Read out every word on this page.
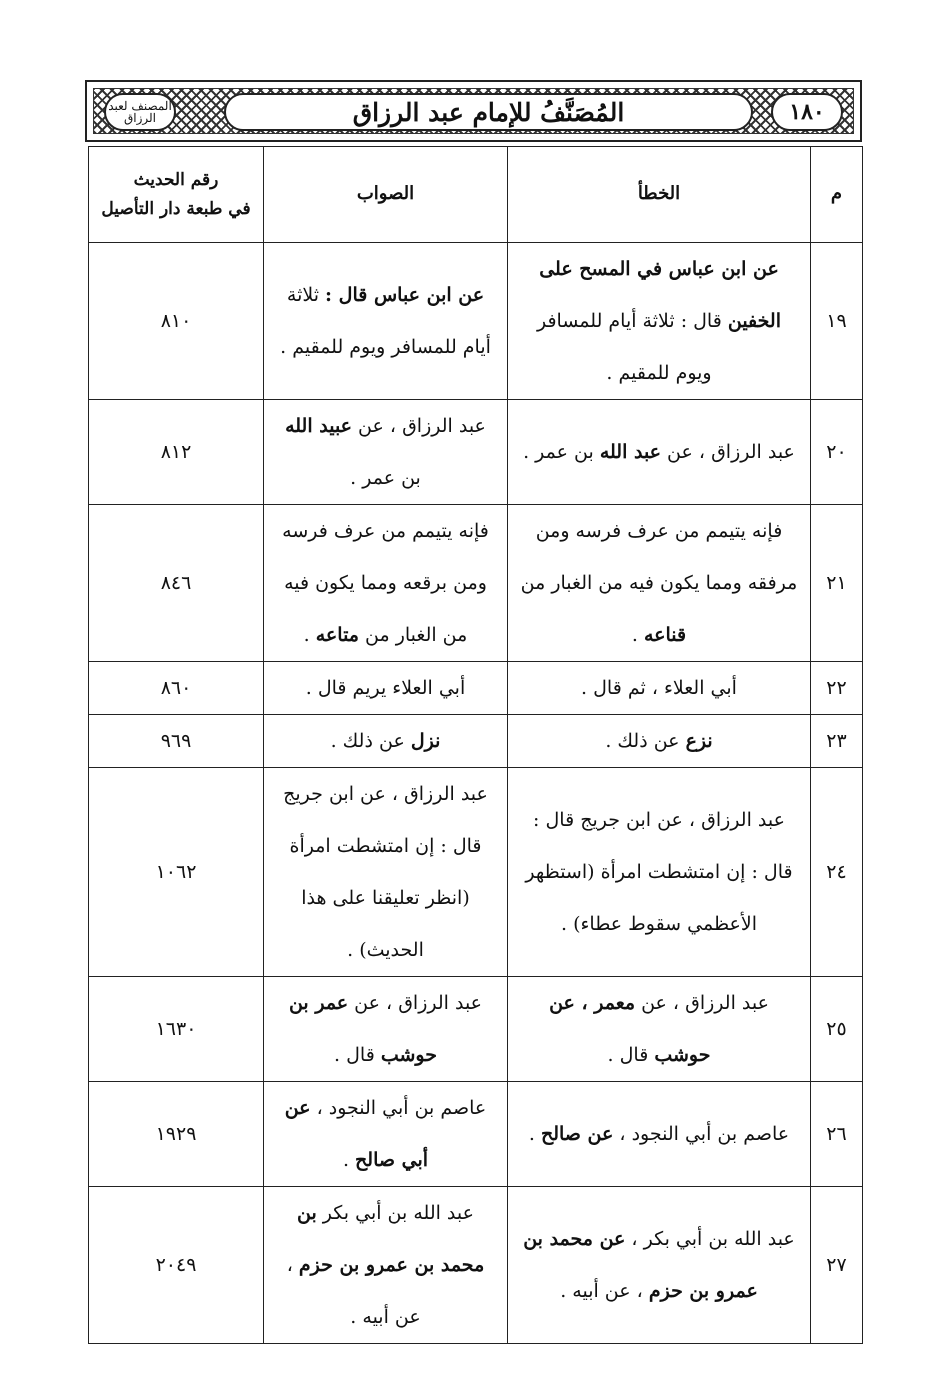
المصنف لعبد الرزاق	المُصَنَّفُ للإمام عبد الرزاق	١٨٠
م	الخطأ	الصواب	رقم الحديث
في طبعة دار التأصيل

١٩	عن ابن عباس في المسح على الخفين قال : ثلاثة أيام للمسافر ويوم للمقيم .	عن ابن عباس قال : ثلاثة أيام للمسافر ويوم للمقيم .	٨١٠
٢٠	عبد الرزاق ، عن عبد الله بن عمر .	عبد الرزاق ، عن عبيد الله بن عمر .	٨١٢
٢١	فإنه يتيمم من عرف فرسه ومن مرفقه ومما يكون فيه من الغبار من قناعه .	فإنه يتيمم من عرف فرسه ومن برقعه ومما يكون فيه من الغبار من متاعه .	٨٤٦
٢٢	أبي العلاء ، ثم قال .	أبي العلاء يريم قال .	٨٦٠
٢٣	نزع عن ذلك .	نزل عن ذلك .	٩٦٩
٢٤	عبد الرزاق ، عن ابن جريج قال : قال : إن امتشطت امرأة (استظهر الأعظمي سقوط عطاء) .	عبد الرزاق ، عن ابن جريج قال : إن امتشطت امرأة (انظر تعليقنا على هذا الحديث) .	١٠٦٢
٢٥	عبد الرزاق ، عن معمر ، عن حوشب قال .	عبد الرزاق ، عن عمر بن حوشب قال .	١٦٣٠
٢٦	عاصم بن أبي النجود ، عن صالح .	عاصم بن أبي النجود ، عن أبي صالح .	١٩٢٩
٢٧	عبد الله بن أبي بكر ، عن محمد بن عمرو بن حزم ، عن أبيه .	عبد الله بن أبي بكر بن محمد بن عمرو بن حزم ، عن أبيه .	٢٠٤٩
